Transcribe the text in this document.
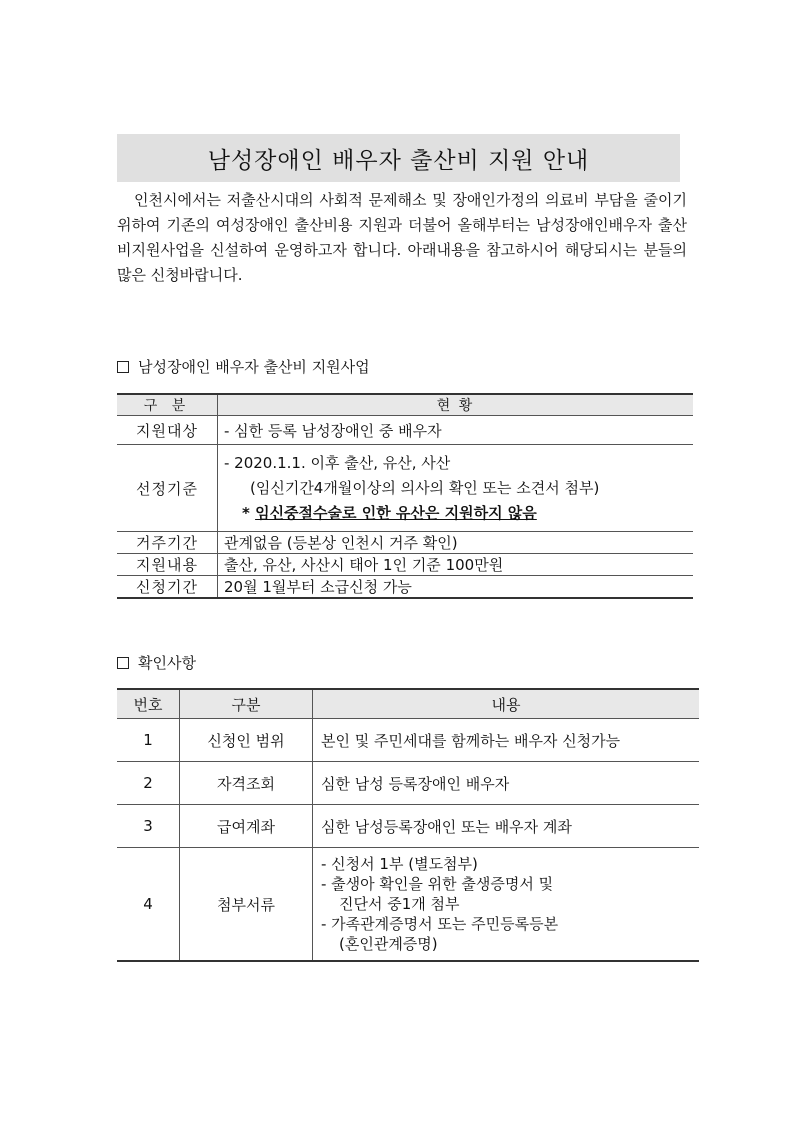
남성장애인 배우자 출산비 지원 안내

인천시에서는 저출산시대의 사회적 문제해소 및 장애인가정의 의료비 부담을 줄이기 위하여 기존의 여성장애인 출산비용 지원과 더불어 올해부터는 남성장애인배우자 출산비지원사업을 신설하여 운영하고자 합니다. 아래내용을 참고하시어 해당되시는 분들의 많은 신청바랍니다.

남성장애인 배우자 출산비 지원사업
구 분	현 황
지원대상	- 심한 등록 남성장애인 중 배우자
선정기준	- 2020.1.1. 이후 출산, 유산, 사산
(임신기간4개월이상의 의사의 확인 또는 소견서 첨부)
* 임신중절수술로 인한 유산은 지원하지 않음

거주기간	관계없음 (등본상 인천시 거주 확인)
지원내용	출산, 유산, 사산시 태아 1인 기준 100만원
신청기간	20월 1월부터 소급신청 가능
확인사항
번호	구분	내용
1	신청인 범위	본인 및 주민세대를 함께하는 배우자 신청가능
2	자격조회	심한 남성 등록장애인 배우자
3	급여계좌	심한 남성등록장애인 또는 배우자 계좌
4	첨부서류	- 신청서 1부 (별도첨부)
- 출생아 확인을 위한 출생증명서 및
진단서 중1개 첨부
- 가족관계증명서 또는 주민등록등본
(혼인관계증명)
